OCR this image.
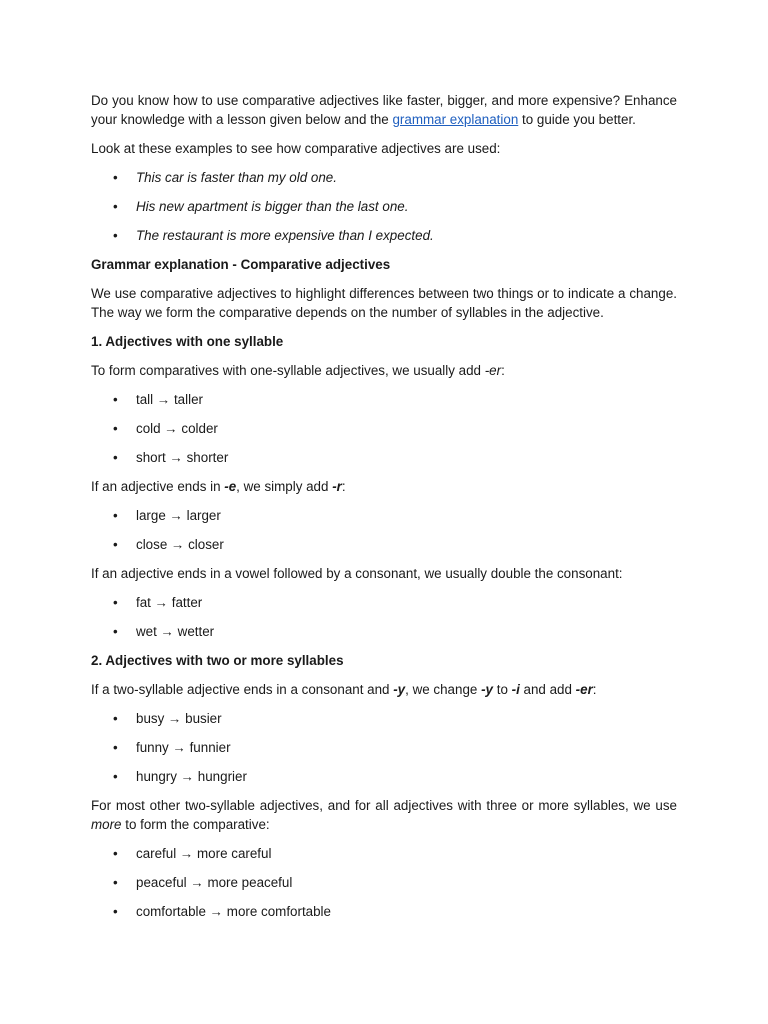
Do you know how to use comparative adjectives like faster, bigger, and more expensive? Enhance your knowledge with a lesson given below and the grammar explanation to guide you better.

Look at these examples to see how comparative adjectives are used:

• This car is faster than my old one.
• His new apartment is bigger than the last one.
• The restaurant is more expensive than I expected.

Grammar explanation - Comparative adjectives

We use comparative adjectives to highlight differences between two things or to indicate a change. The way we form the comparative depends on the number of syllables in the adjective.

1. Adjectives with one syllable

To form comparatives with one-syllable adjectives, we usually add -er:

• tall → taller
• cold → colder
• short → shorter

If an adjective ends in -e, we simply add -r:

• large → larger
• close → closer

If an adjective ends in a vowel followed by a consonant, we usually double the consonant:

• fat → fatter
• wet → wetter

2. Adjectives with two or more syllables

If a two-syllable adjective ends in a consonant and -y, we change -y to -i and add -er:

• busy → busier
• funny → funnier
• hungry → hungrier

For most other two-syllable adjectives, and for all adjectives with three or more syllables, we use more to form the comparative:

• careful → more careful
• peaceful → more peaceful
• comfortable → more comfortable
